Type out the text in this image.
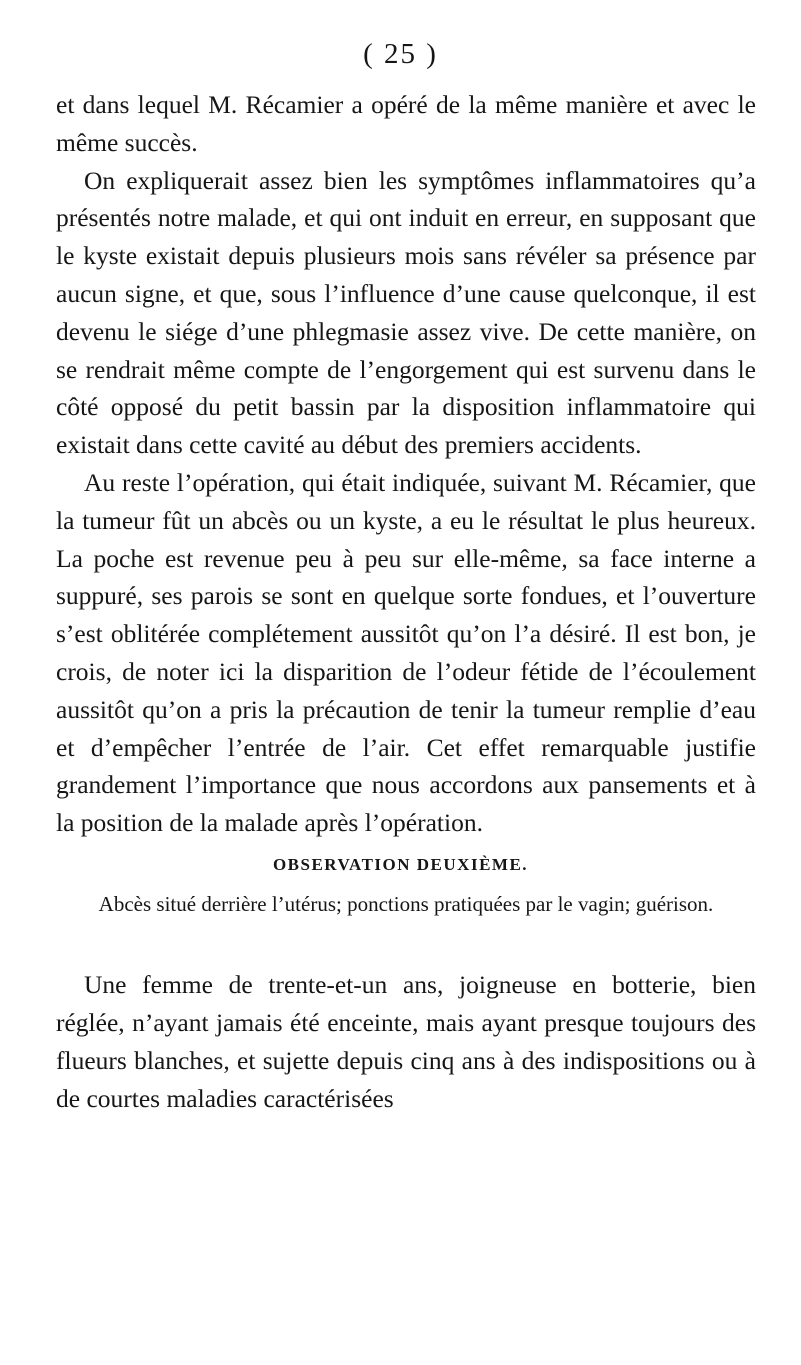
( 25 )

et dans lequel M. Récamier a opéré de la même manière et avec le même succès.

On expliquerait assez bien les symptômes inflammatoires qu’a présentés notre malade, et qui ont induit en erreur, en supposant que le kyste existait depuis plusieurs mois sans révéler sa présence par aucun signe, et que, sous l’influence d’une cause quelconque, il est devenu le siége d’une phlegmasie assez vive. De cette manière, on se rendrait même compte de l’engorgement qui est survenu dans le côté opposé du petit bassin par la disposition inflammatoire qui existait dans cette cavité au début des premiers accidents.

Au reste l’opération, qui était indiquée, suivant M. Récamier, que la tumeur fût un abcès ou un kyste, a eu le résultat le plus heureux. La poche est revenue peu à peu sur elle-même, sa face interne a suppuré, ses parois se sont en quelque sorte fondues, et l’ouverture s’est oblitérée complétement aussitôt qu’on l’a désiré. Il est bon, je crois, de noter ici la disparition de l’odeur fétide de l’écoulement aussitôt qu’on a pris la précaution de tenir la tumeur remplie d’eau et d’empêcher l’entrée de l’air. Cet effet remarquable justifie grandement l’importance que nous accordons aux pansements et à la position de la malade après l’opération.

OBSERVATION DEUXIÈME.
Abcès situé derrière l’utérus; ponctions pratiquées par le vagin; guérison.

Une femme de trente-et-un ans, joigneuse en botterie, bien réglée, n’ayant jamais été enceinte, mais ayant presque toujours des flueurs blanches, et sujette depuis cinq ans à des indispositions ou à de courtes maladies caractérisées
